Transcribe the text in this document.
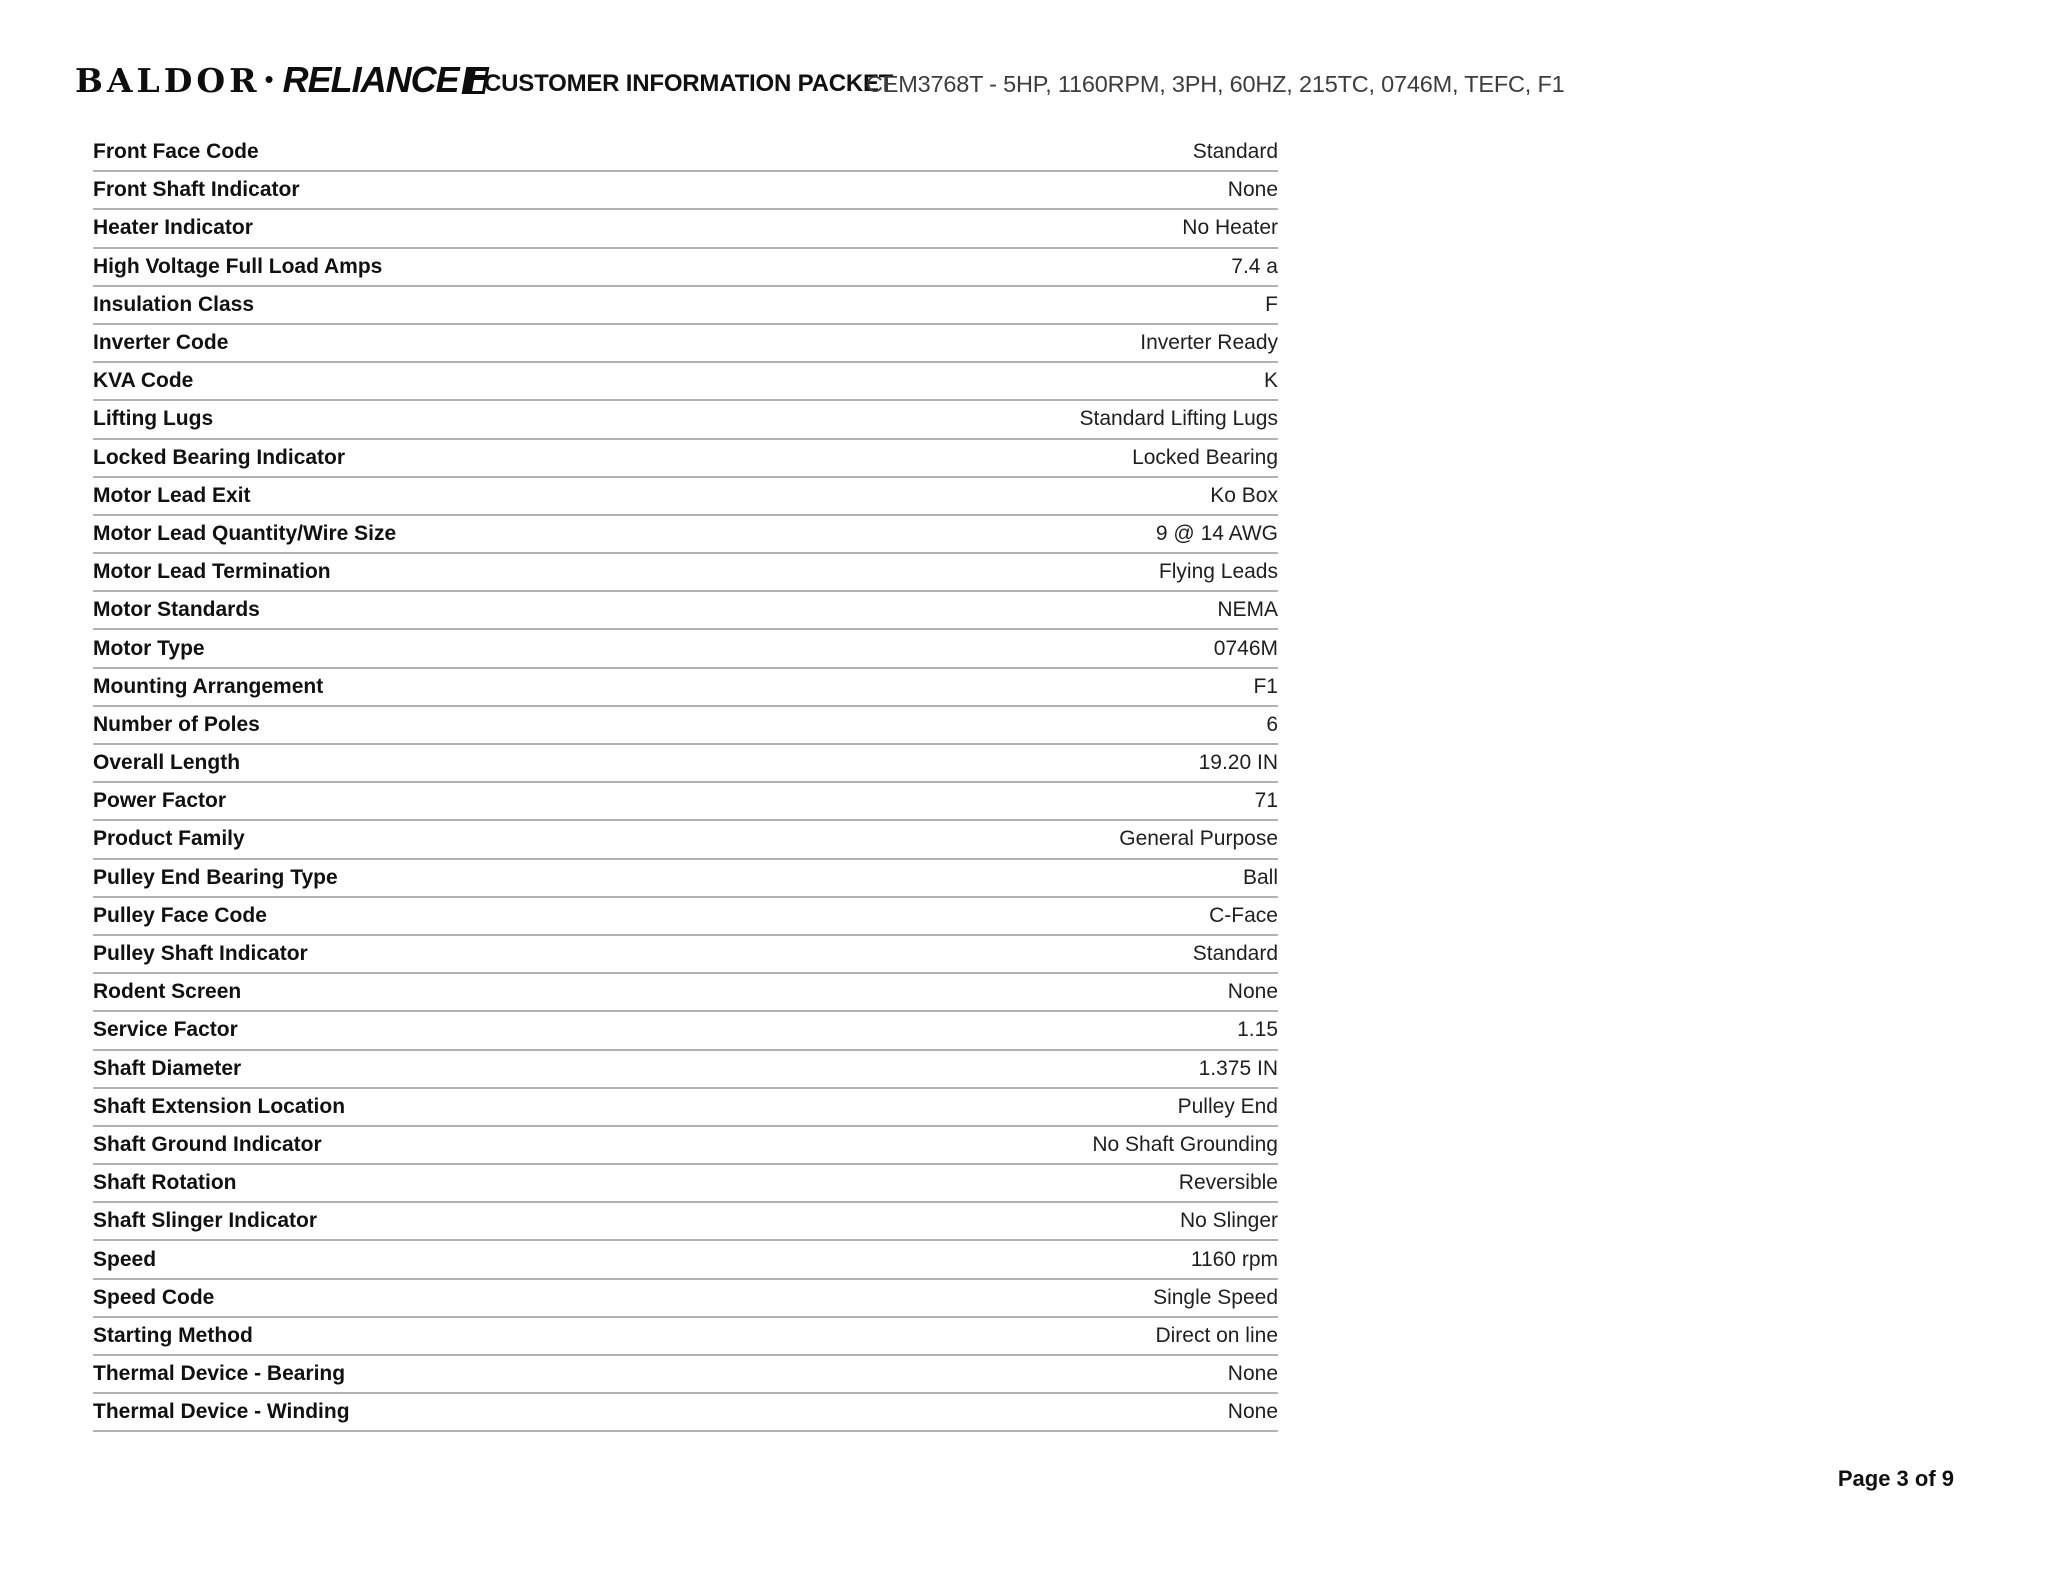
BALDOR • RELIANCE CUSTOMER INFORMATION PACKET
CEM3768T - 5HP, 1160RPM, 3PH, 60HZ, 215TC, 0746M, TEFC, F1
Front Face Code	Standard
Front Shaft Indicator	None
Heater Indicator	No Heater
High Voltage Full Load Amps	7.4 a
Insulation Class	F
Inverter Code	Inverter Ready
KVA Code	K
Lifting Lugs	Standard Lifting Lugs
Locked Bearing Indicator	Locked Bearing
Motor Lead Exit	Ko Box
Motor Lead Quantity/Wire Size	9 @ 14 AWG
Motor Lead Termination	Flying Leads
Motor Standards	NEMA
Motor Type	0746M
Mounting Arrangement	F1
Number of Poles	6
Overall Length	19.20 IN
Power Factor	71
Product Family	General Purpose
Pulley End Bearing Type	Ball
Pulley Face Code	C-Face
Pulley Shaft Indicator	Standard
Rodent Screen	None
Service Factor	1.15
Shaft Diameter	1.375 IN
Shaft Extension Location	Pulley End
Shaft Ground Indicator	No Shaft Grounding
Shaft Rotation	Reversible
Shaft Slinger Indicator	No Slinger
Speed	1160 rpm
Speed Code	Single Speed
Starting Method	Direct on line
Thermal Device - Bearing	None
Thermal Device - Winding	None
Page 3 of 9
